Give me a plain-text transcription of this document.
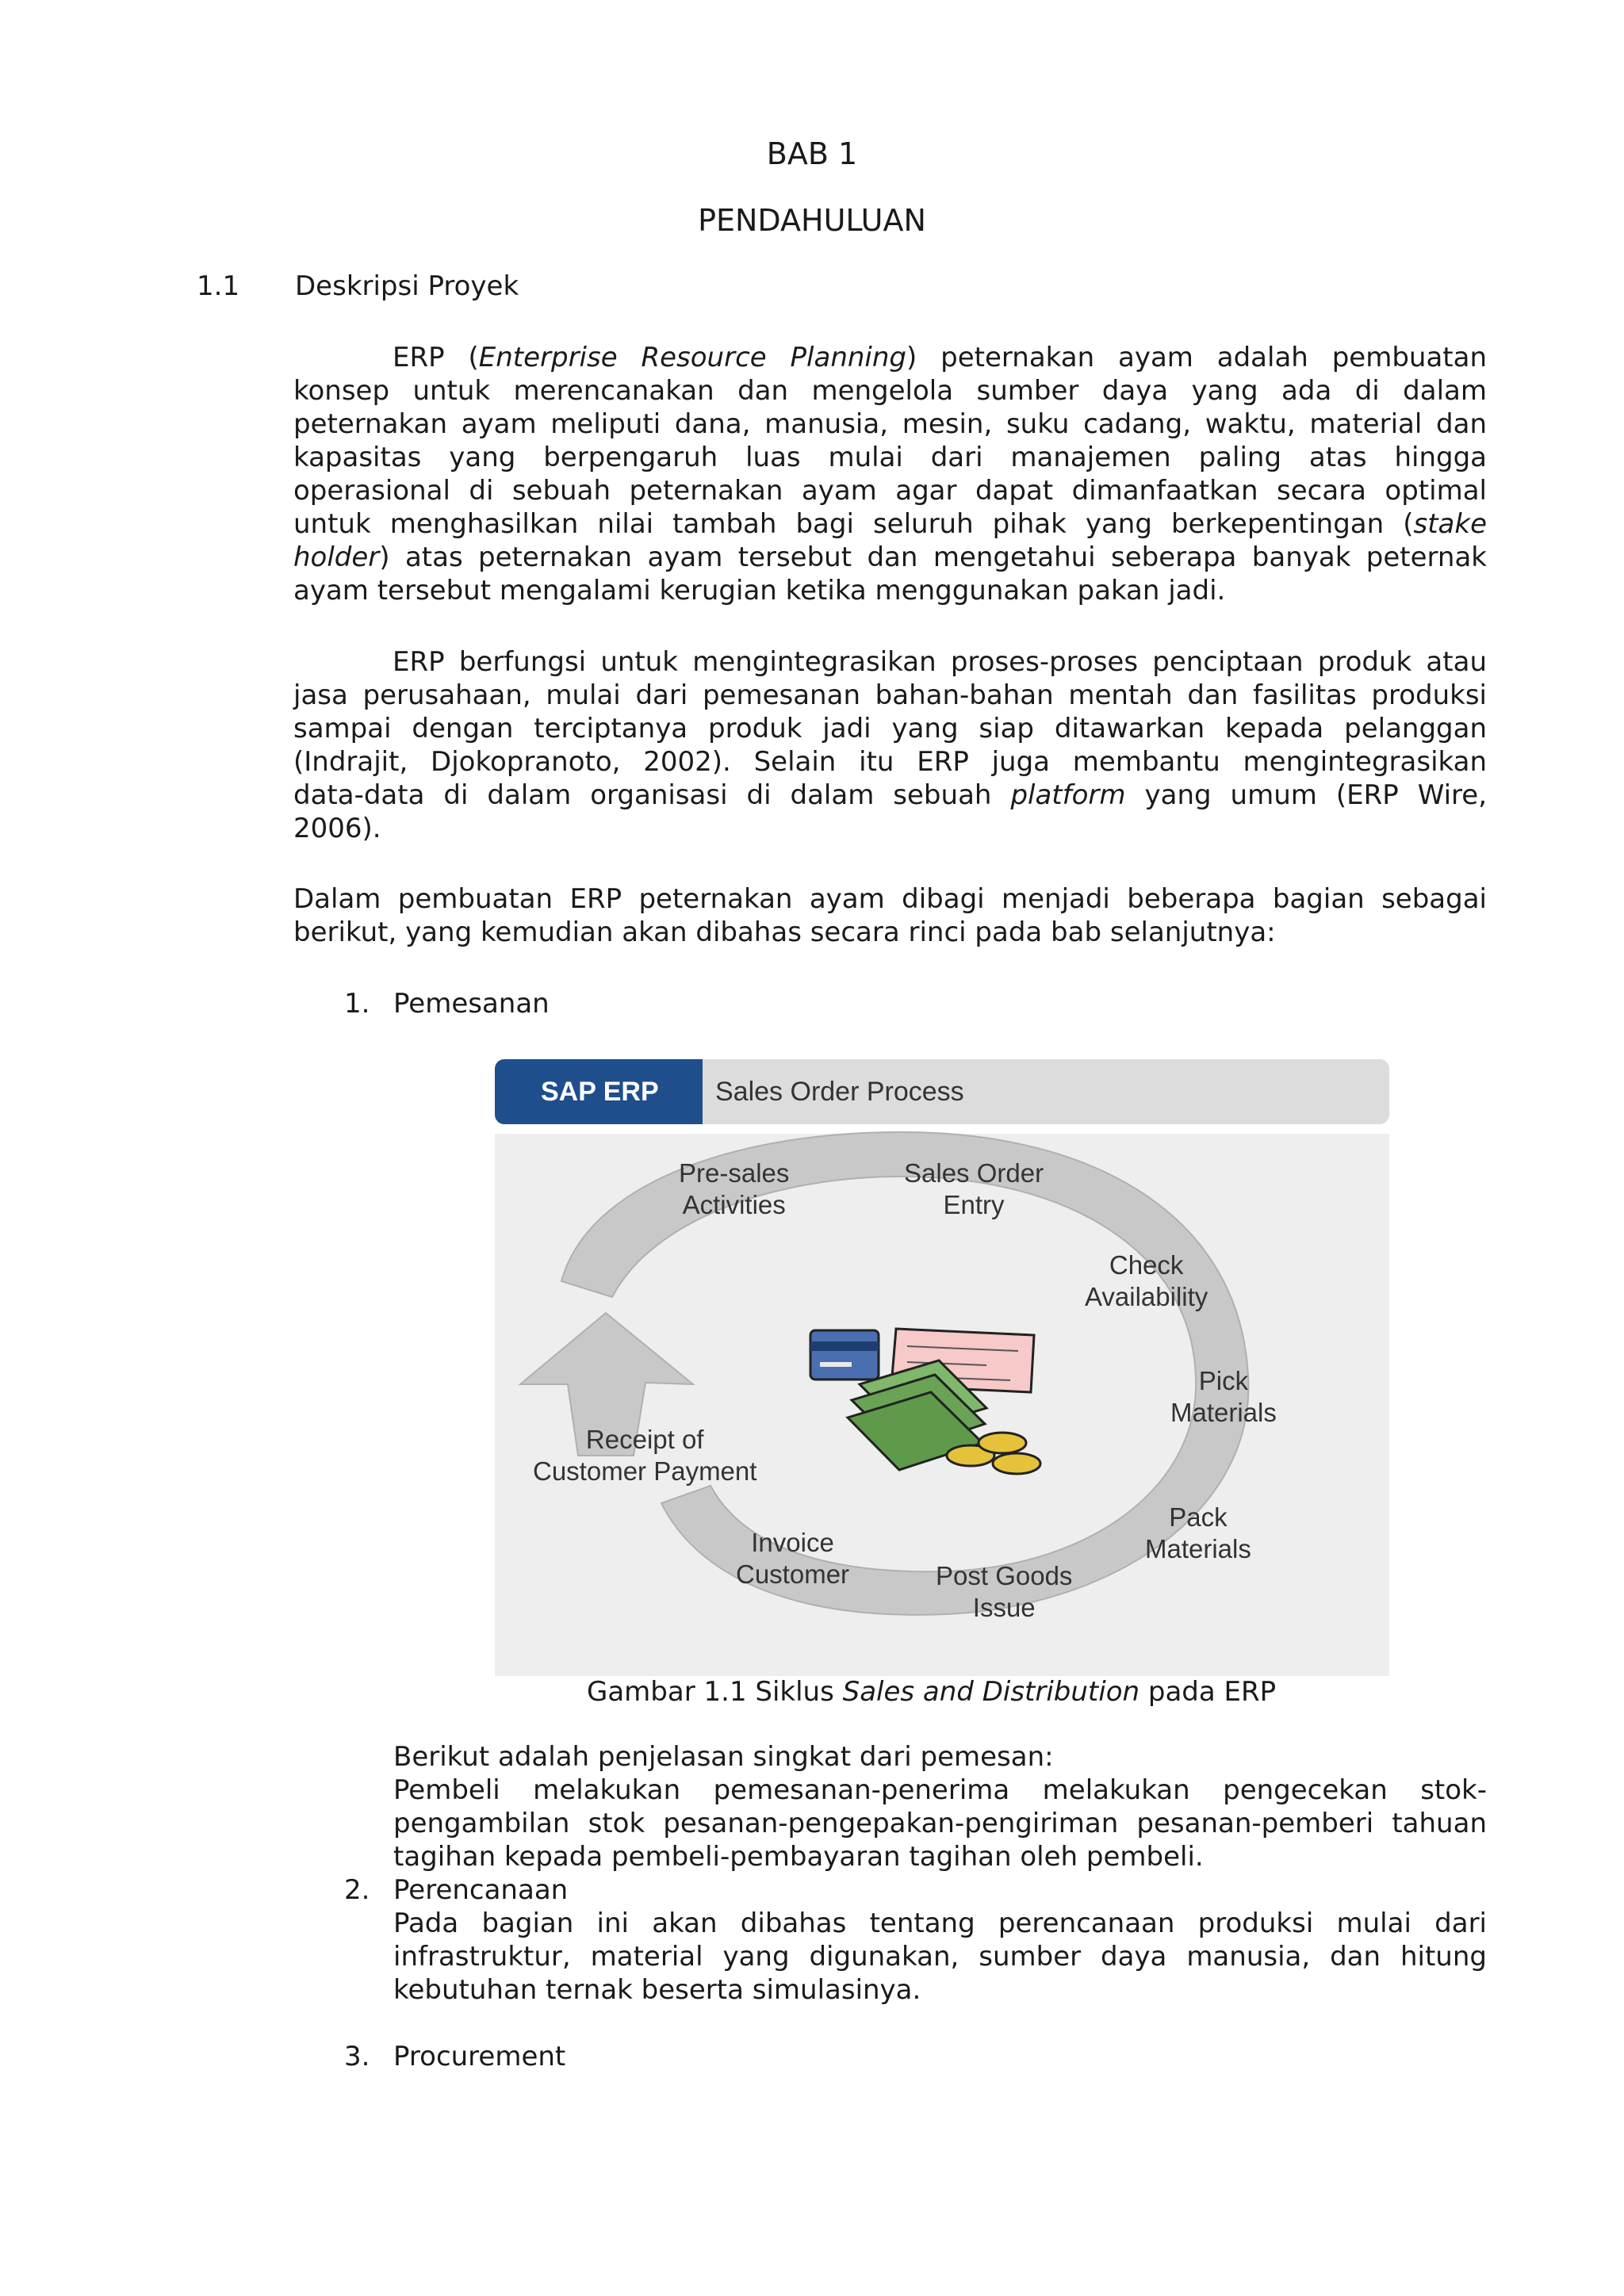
BAB 1
PENDAHULUAN
1.1 Deskripsi Proyek
ERP (Enterprise Resource Planning) peternakan ayam adalah pembuatan
konsep untuk merencanakan dan mengelola sumber daya yang ada di dalam
peternakan ayam meliputi dana, manusia, mesin, suku cadang, waktu, material dan
kapasitas yang berpengaruh luas mulai dari manajemen paling atas hingga
operasional di sebuah peternakan ayam agar dapat dimanfaatkan secara optimal
untuk menghasilkan nilai tambah bagi seluruh pihak yang berkepentingan (stake
holder) atas peternakan ayam tersebut dan mengetahui seberapa banyak peternak
ayam tersebut mengalami kerugian ketika menggunakan pakan jadi.
ERP berfungsi untuk mengintegrasikan proses-proses penciptaan produk atau
jasa perusahaan, mulai dari pemesanan bahan-bahan mentah dan fasilitas produksi
sampai dengan terciptanya produk jadi yang siap ditawarkan kepada pelanggan
(Indrajit, Djokopranoto, 2002). Selain itu ERP juga membantu mengintegrasikan
data-data di dalam organisasi di dalam sebuah platform yang umum (ERP Wire,
2006).
Dalam pembuatan ERP peternakan ayam dibagi menjadi beberapa bagian sebagai
berikut, yang kemudian akan dibahas secara rinci pada bab selanjutnya:
1. Pemesanan
SAP ERP	Sales Order Process
Pre-sales
Activities
Sales Order
Entry
Check
Availability
Pick
Materials
Pack
Materials
Post Goods
Issue
Invoice
Customer
Receipt of
Customer Payment
Gambar 1.1 Siklus Sales and Distribution pada ERP
Berikut adalah penjelasan singkat dari pemesan:
Pembeli melakukan pemesanan-penerima melakukan pengecekan stok-
pengambilan stok pesanan-pengepakan-pengiriman pesanan-pemberi tahuan
tagihan kepada pembeli-pembayaran tagihan oleh pembeli.
2. Perencanaan
Pada bagian ini akan dibahas tentang perencanaan produksi mulai dari
infrastruktur, material yang digunakan, sumber daya manusia, dan hitung
kebutuhan ternak beserta simulasinya.
3. Procurement
